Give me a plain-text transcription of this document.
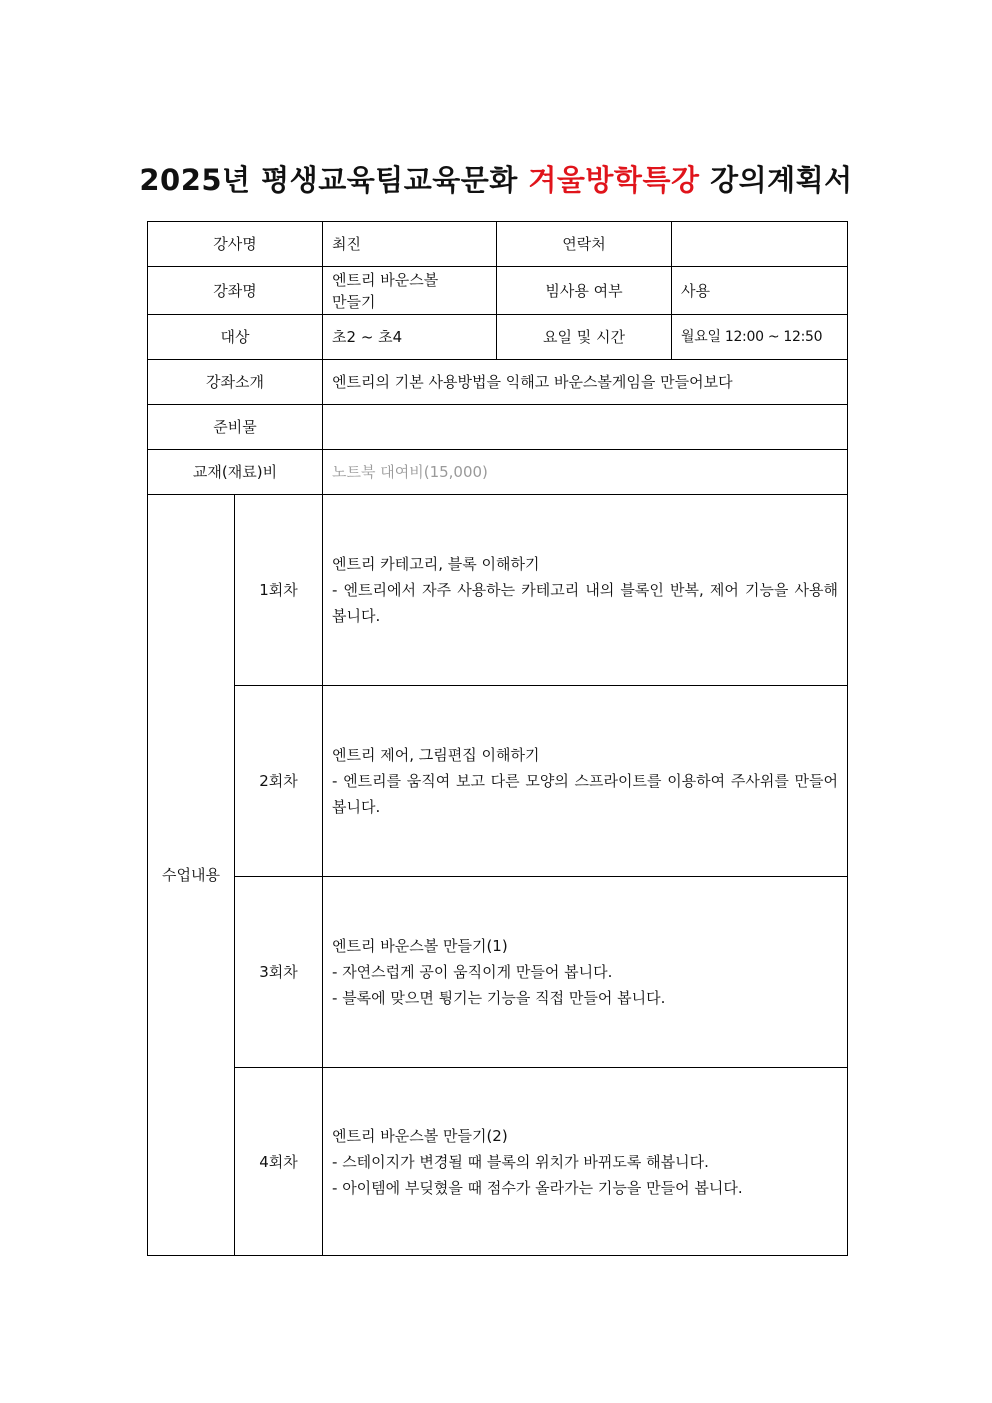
2025년 평생교육팀교육문화 겨울방학특강 강의계획서
강사명		최진	연락처	
강좌명		엔트리 바운스볼
만들기	빔사용 여부	사용
대상		초2 ~ 초4	요일 및 시간	월요일 12:00 ~ 12:50
강좌소개		엔트리의 기본 사용방법을 익해고 바운스볼게임을 만들어보다		
준비물				
교재(재료)비		노트북 대여비(15,000)		
수업내용	1회차	엔트리 카테고리, 블록 이해하기
- 엔트리에서 자주 사용하는 카테고리 내의 블록인 반복, 제어 기능을 사용해 봅니다.		

	2회차	엔트리 제어, 그림편집 이해하기
- 엔트리를 움직여 보고 다른 모양의 스프라이트를 이용하여 주사위를 만들어 봅니다.		

	3회차	엔트리 바운스볼 만들기(1)
- 자연스럽게 공이 움직이게 만들어 봅니다.
- 블록에 맞으면 튕기는 기능을 직접 만들어 봅니다.		

	4회차	엔트리 바운스볼 만들기(2)
- 스테이지가 변경될 때 블록의 위치가 바뀌도록 해봅니다.
- 아이템에 부딪혔을 때 점수가 올라가는 기능을 만들어 봅니다.		
